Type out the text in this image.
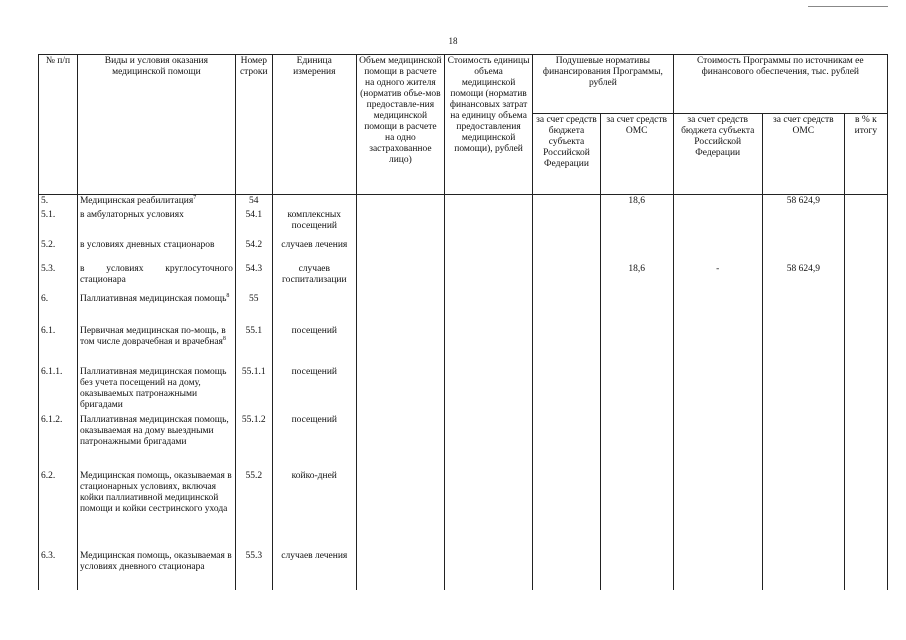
18
№ п/п	Виды и условия оказания медицинской помощи	Номер строки	Единица измерения	Объем медицинской помощи в расчете на одного жителя (норматив объе-мов предоставле-ния медицинской помощи в расчете на одно застрахованное лицо)	Стоимость единицы объема медицинской помощи (норматив финансовых затрат на единицу объема предоставления медицинской помощи), рублей	Подушевые нормативы финансирования Программы, рублей		Стоимость Программы по источникам ее финансового обеспечения, тыс. рублей		
						за счет средств бюджета субъекта Российской Федерации	за счет средств ОМС	за счет средств бюджета субъекта Российской Федерации	за счет средств ОМС	в % к итогу
5.	Медицинская реабилитация$^7$	54					18,6		58 624,9	
5.1.	в амбулаторных условиях	54.1	комплексных посещений							
5.2.	в условиях дневных стационаров	54.2	случаев лечения							
5.3.	в условиях круглосуточного стационара	54.3	случаев госпитализации				18,6	-	58 624,9	
6.	Паллиативная медицинская помощь$^8$	55								
6.1.	Первичная медицинская по-мощь, в том числе доврачебная и врачебная$^8$	55.1	посещений							
6.1.1.	Паллиативная медицинская помощь без учета посещений на дому, оказываемых патронажными бригадами	55.1.1	посещений							
6.1.2.	Паллиативная медицинская помощь, оказываемая на дому выездными патронажными бригадами	55.1.2	посещений							
6.2.	Медицинская помощь, оказываемая в стационарных условиях, включая койки паллиативной медицинской помощи и койки сестринского ухода	55.2	койко-дней							
6.3.	Медицинская помощь, оказываемая в условиях дневного стационара	55.3	случаев лечения							
